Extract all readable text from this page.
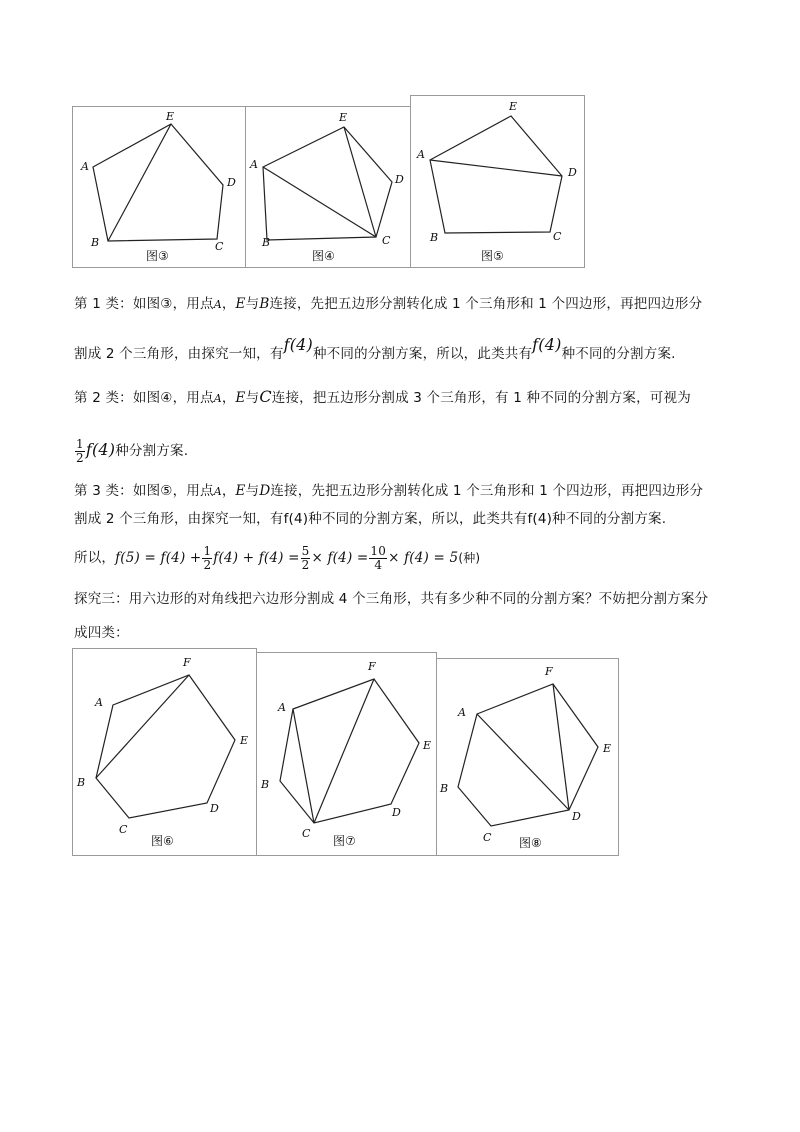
E
A
D
B	C
图③
E
A
D
B	C
图④
E
A
D
B	C
图⑤
第 1 类：如图③，用点A，E与B连接，先把五边形分割转化成 1 个三角形和 1 个四边形，再把四边形分
割成 2 个三角形，由探究一知，有f(4)种不同的分割方案，所以，此类共有f(4)种不同的分割方案.
第 2 类：如图④，用点A，E与C连接，把五边形分割成 3 个三角形，有 1 种不同的分割方案，可视为
$\frac{1}{2} f(4)$种分割方案.
第 3 类：如图⑤，用点A，E与D连接，先把五边形分割转化成 1 个三角形和 1 个四边形，再把四边形分
割成 2 个三角形，由探究一知，有f(4)种不同的分割方案，所以，此类共有f(4)种不同的分割方案.
所以，$f(5) = f(4) + \frac{1}{2} f(4) + f(4) = \frac{5}{2} \times f(4) = \frac{10}{4} \times f(4) = 5$(种)
探究三：用六边形的对角线把六边形分割成 4 个三角形，共有多少种不同的分割方案？不妨把分割方案分
成四类：
F
A
E
B
D
C
图⑥
F
A
E
B
D
C
图⑦
F
A
E
B
D
C 图⑧
